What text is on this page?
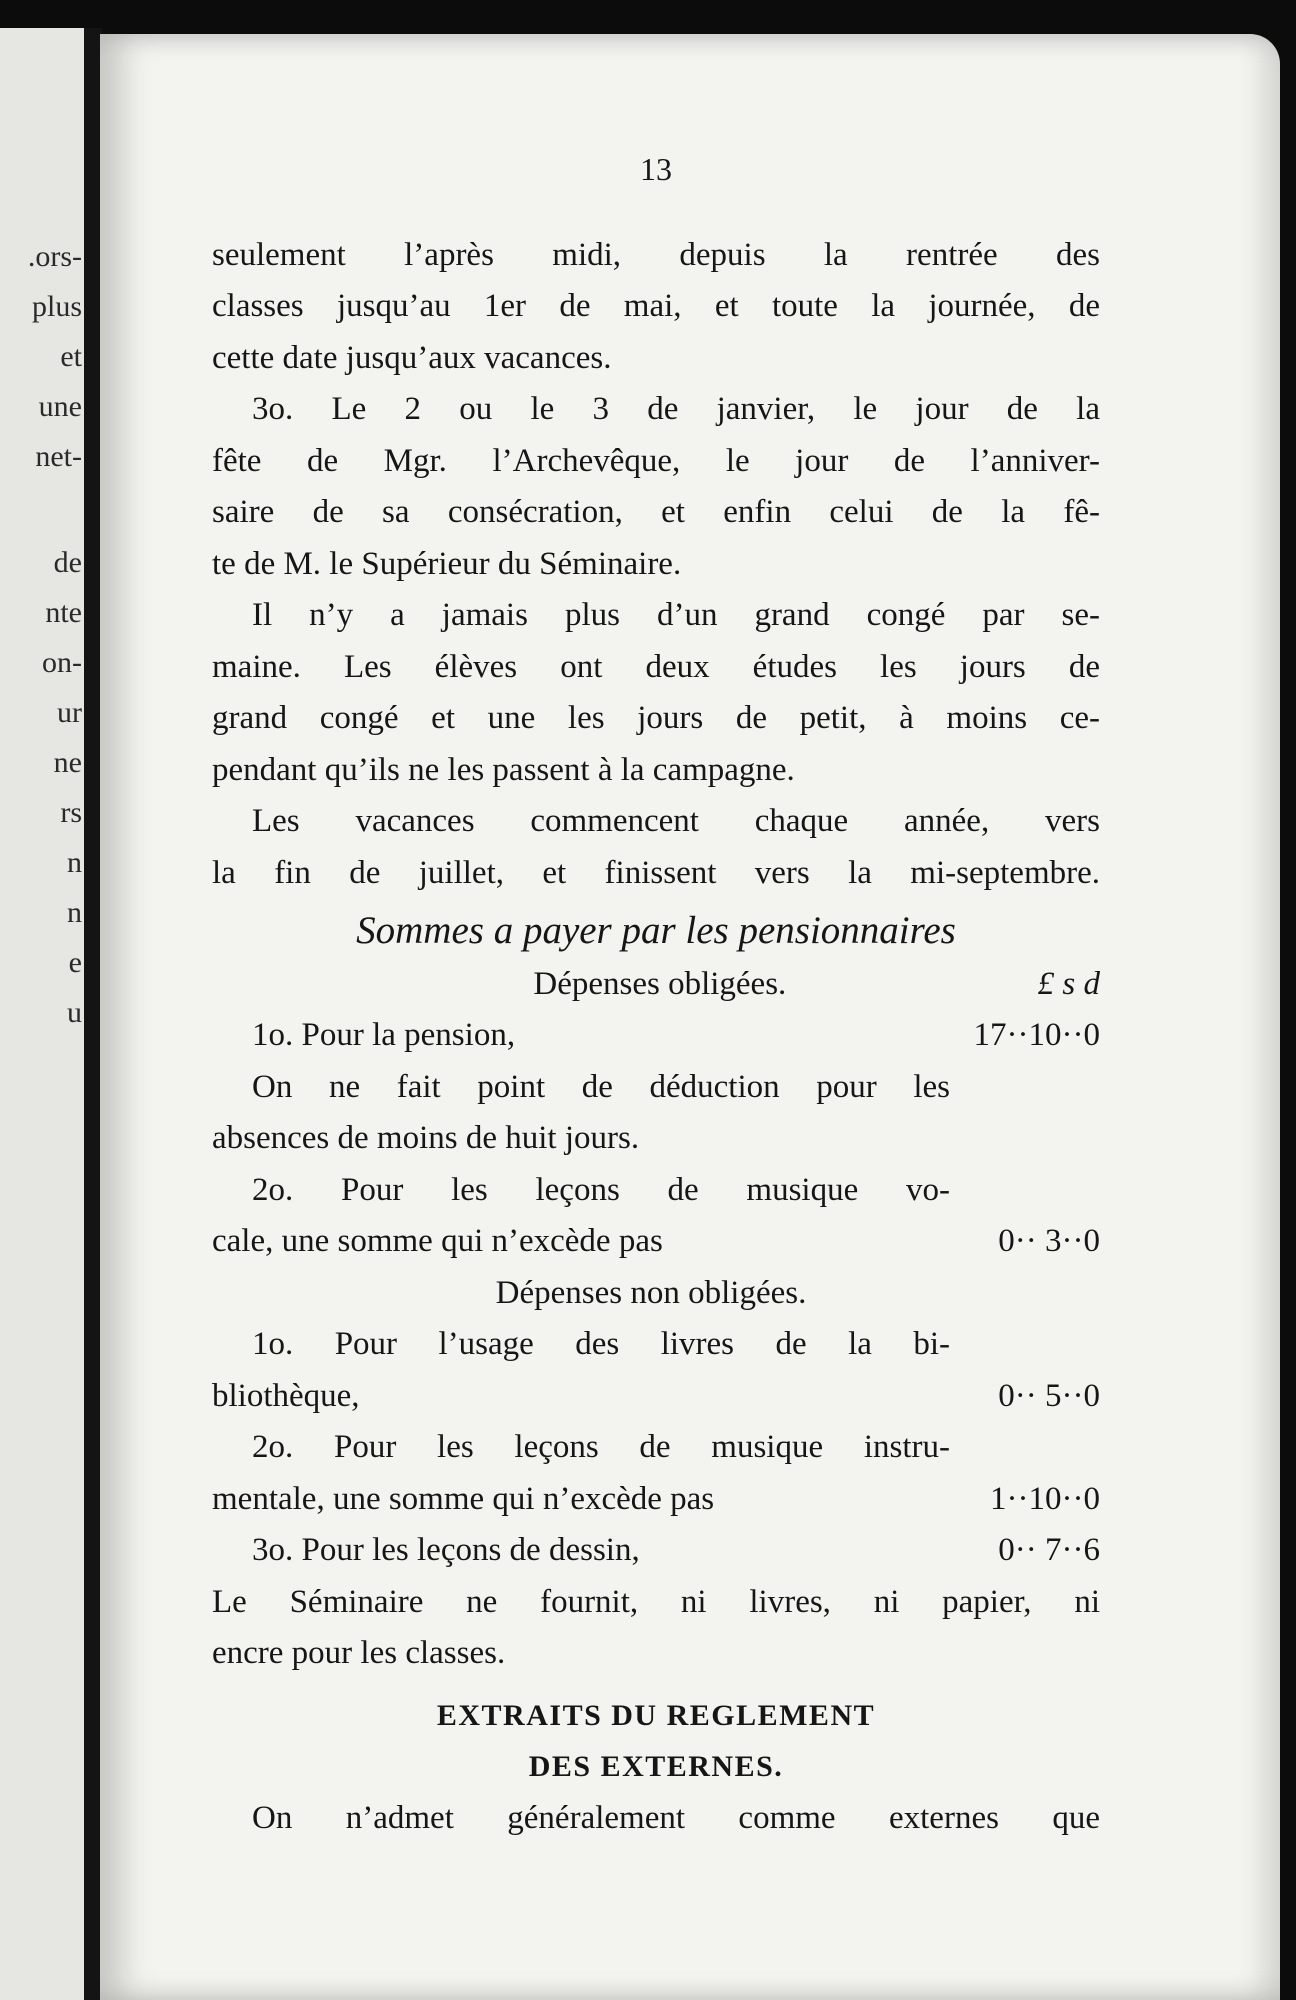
.ors-
plus
et
une
net-
de
nte
on-
ur
ne
rs
n
n
e
u
13
seulement l’après midi, depuis la rentrée des
classes jusqu’au 1er de mai, et toute la journée, de
cette date jusqu’aux vacances.
3o. Le 2 ou le 3 de janvier, le jour de la
fête de Mgr. l’Archevêque, le jour de l’anniver-
saire de sa consécration, et enfin celui de la fê-
te de M. le Supérieur du Séminaire.
Il n’y a jamais plus d’un grand congé par se-
maine. Les élèves ont deux études les jours de
grand congé et une les jours de petit, à moins ce-
pendant qu’ils ne les passent à la campagne.
Les vacances commencent chaque année, vers
la fin de juillet, et finissent vers la mi-septembre.
Sommes a payer par les pensionnaires
Dépenses obligées.	£ s d
1o. Pour la pension,	17··10··0
On ne fait point de déduction pour les
absences de moins de huit jours.
2o. Pour les leçons de musique vo-
cale, une somme qui n’excède pas	0·· 3··0
Dépenses non obligées.
1o. Pour l’usage des livres de la bi-
bliothèque,	0·· 5··0
2o. Pour les leçons de musique instru-
mentale, une somme qui n’excède pas	1··10··0
3o. Pour les leçons de dessin,	0·· 7··6
Le Séminaire ne fournit, ni livres, ni papier, ni
encre pour les classes.
EXTRAITS DU REGLEMENT
DES EXTERNES.
On n’admet généralement comme externes que
